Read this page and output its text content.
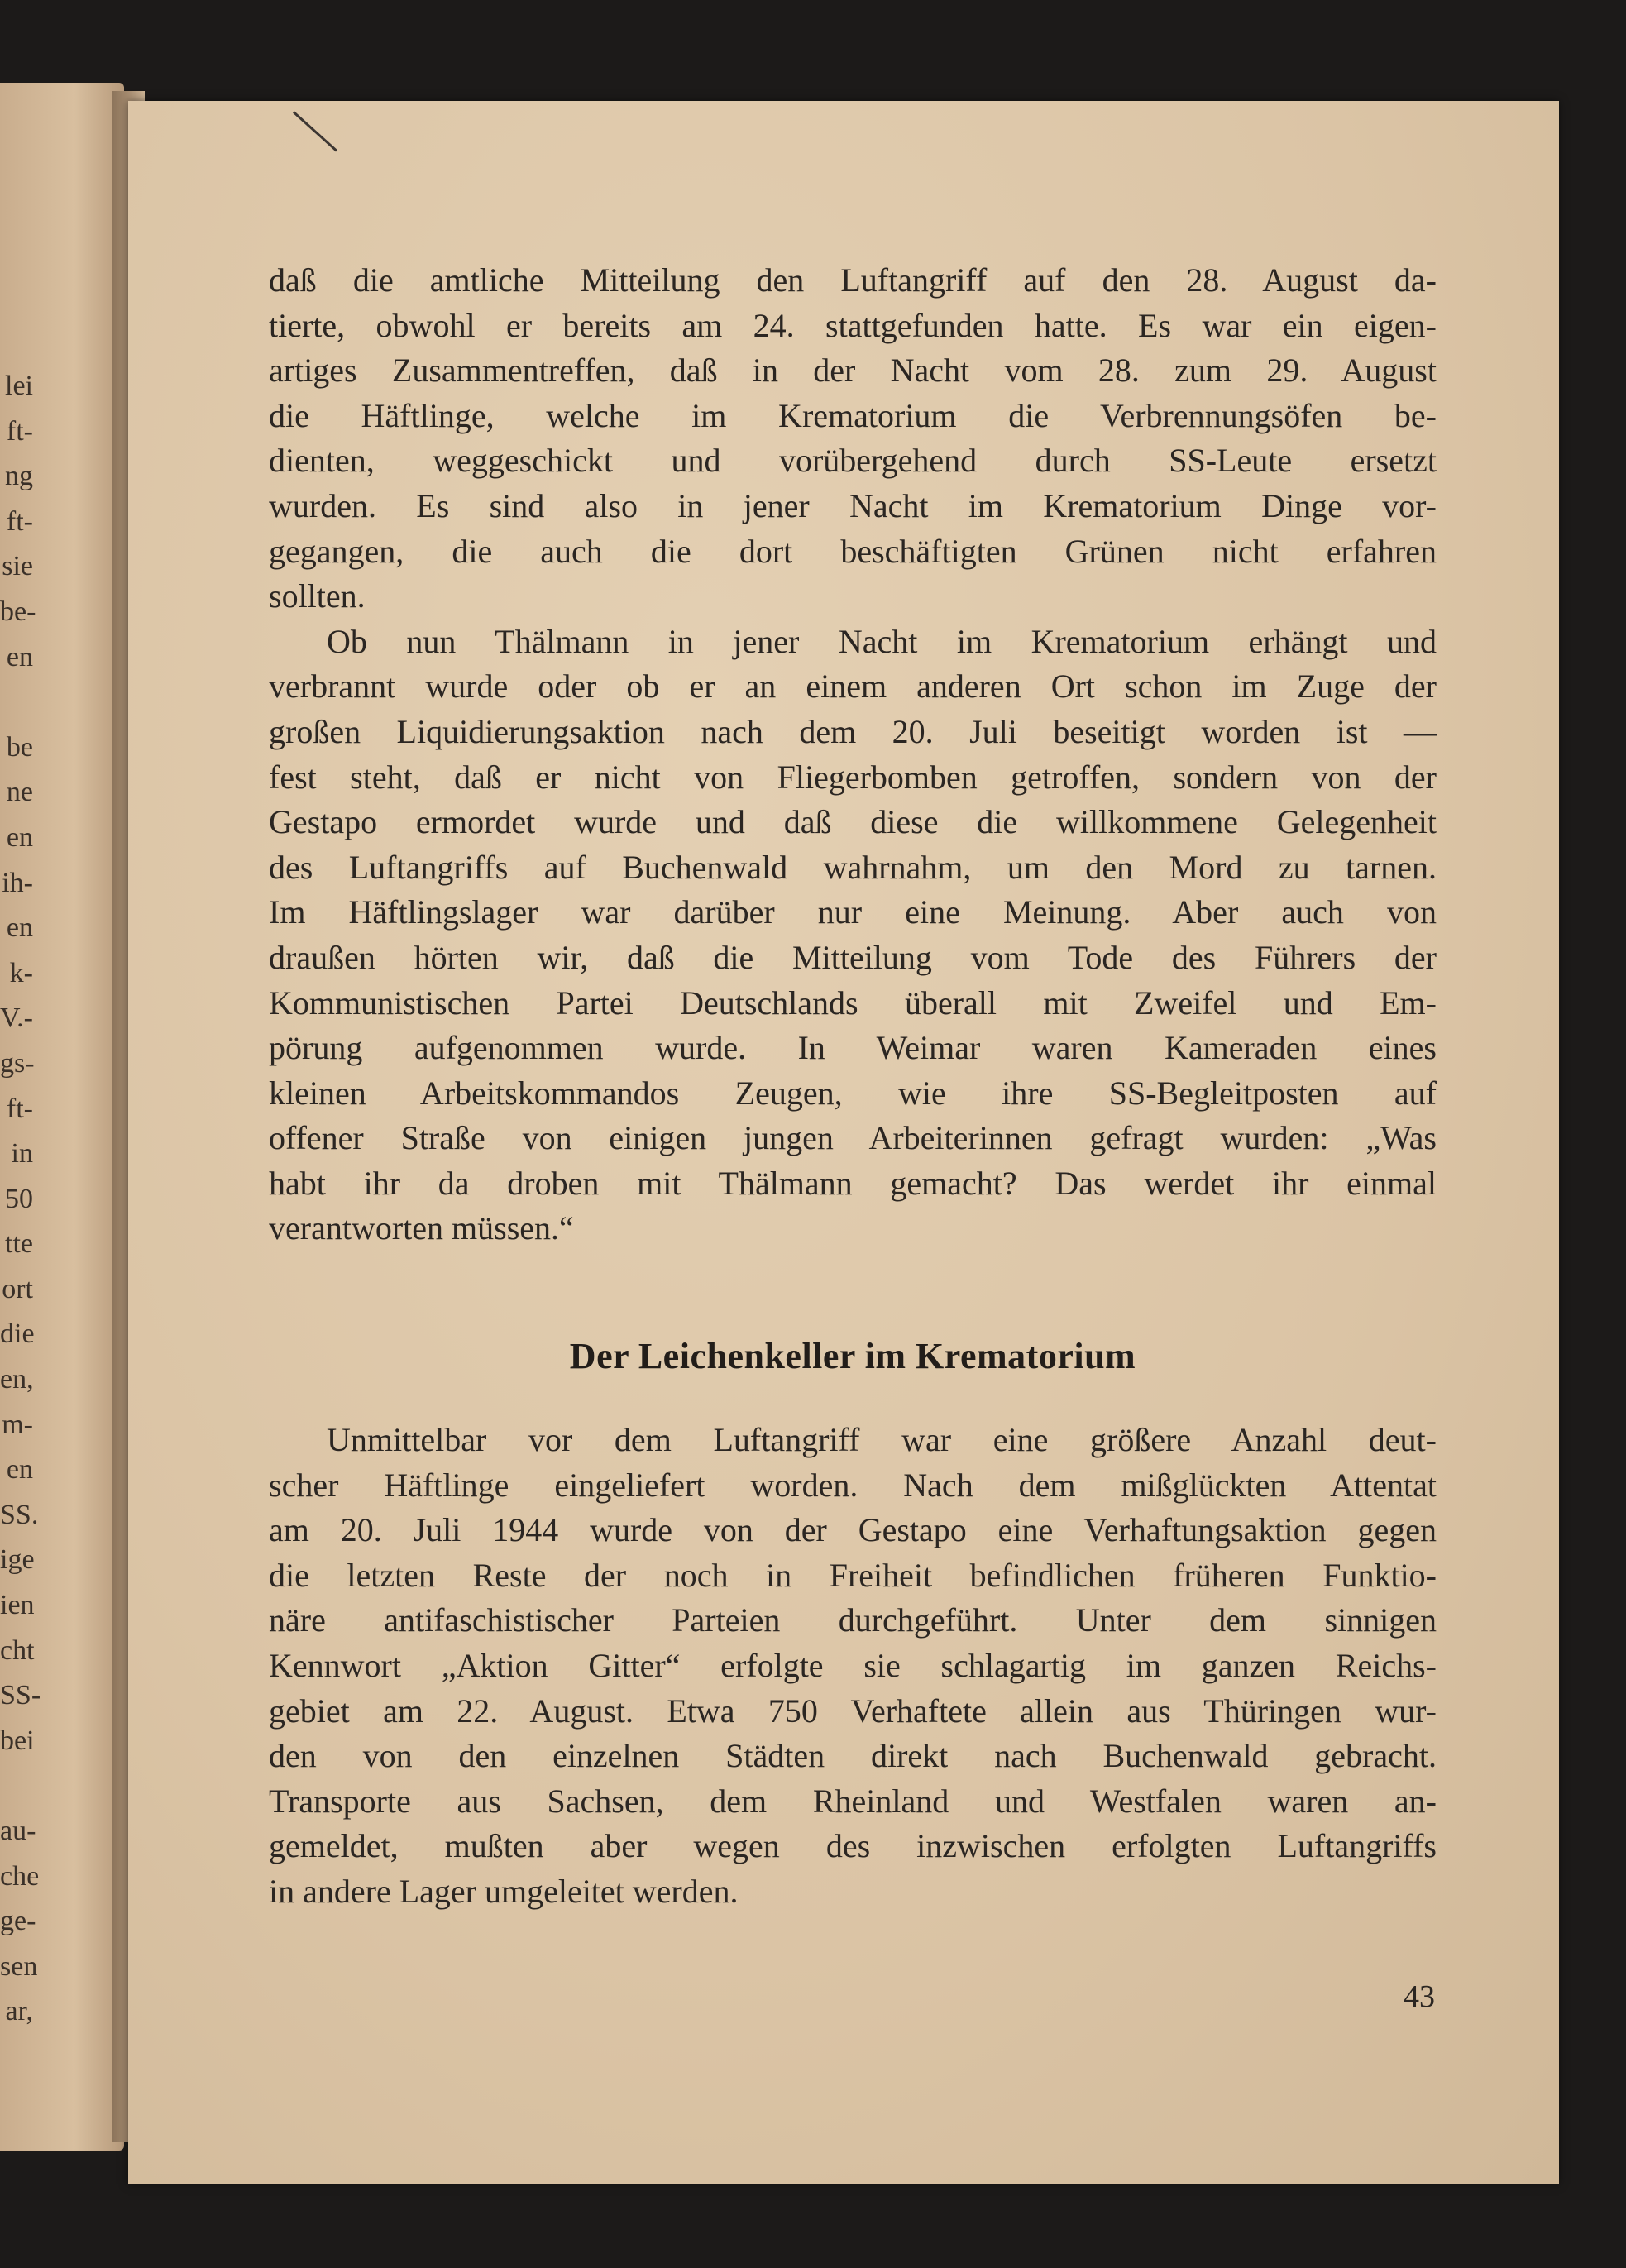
lei
ft-
ng
ft-
sie
be-
en
be
ne
en
ih-
en
k-
V.-
gs-
ft-
in
50
tte
ort
die
en,
m-
en
SS.
ige
ien
cht
SS-
bei
au-
che
ge-
sen
ar,
daß die amtliche Mitteilung den Luftangriff auf den 28. August da-
tierte, obwohl er bereits am 24. stattgefunden hatte. Es war ein eigen-
artiges Zusammentreffen, daß in der Nacht vom 28. zum 29. August
die Häftlinge, welche im Krematorium die Verbrennungsöfen be-
dienten, weggeschickt und vorübergehend durch SS-Leute ersetzt
wurden. Es sind also in jener Nacht im Krematorium Dinge vor-
gegangen, die auch die dort beschäftigten Grünen nicht erfahren
sollten.
Ob nun Thälmann in jener Nacht im Krematorium erhängt und
verbrannt wurde oder ob er an einem anderen Ort schon im Zuge der
großen Liquidierungsaktion nach dem 20. Juli beseitigt worden ist —
fest steht, daß er nicht von Fliegerbomben getroffen, sondern von der
Gestapo ermordet wurde und daß diese die willkommene Gelegenheit
des Luftangriffs auf Buchenwald wahrnahm, um den Mord zu tarnen.
Im Häftlingslager war darüber nur eine Meinung. Aber auch von
draußen hörten wir, daß die Mitteilung vom Tode des Führers der
Kommunistischen Partei Deutschlands überall mit Zweifel und Em-
pörung aufgenommen wurde. In Weimar waren Kameraden eines
kleinen Arbeitskommandos Zeugen, wie ihre SS-Begleitposten auf
offener Straße von einigen jungen Arbeiterinnen gefragt wurden: „Was
habt ihr da droben mit Thälmann gemacht? Das werdet ihr einmal
verantworten müssen.“
Der Leichenkeller im Krematorium
Unmittelbar vor dem Luftangriff war eine größere Anzahl deut-
scher Häftlinge eingeliefert worden. Nach dem mißglückten Attentat
am 20. Juli 1944 wurde von der Gestapo eine Verhaftungsaktion gegen
die letzten Reste der noch in Freiheit befindlichen früheren Funktio-
näre antifaschistischer Parteien durchgeführt. Unter dem sinnigen
Kennwort „Aktion Gitter“ erfolgte sie schlagartig im ganzen Reichs-
gebiet am 22. August. Etwa 750 Verhaftete allein aus Thüringen wur-
den von den einzelnen Städten direkt nach Buchenwald gebracht.
Transporte aus Sachsen, dem Rheinland und Westfalen waren an-
gemeldet, mußten aber wegen des inzwischen erfolgten Luftangriffs
in andere Lager umgeleitet werden.
43
